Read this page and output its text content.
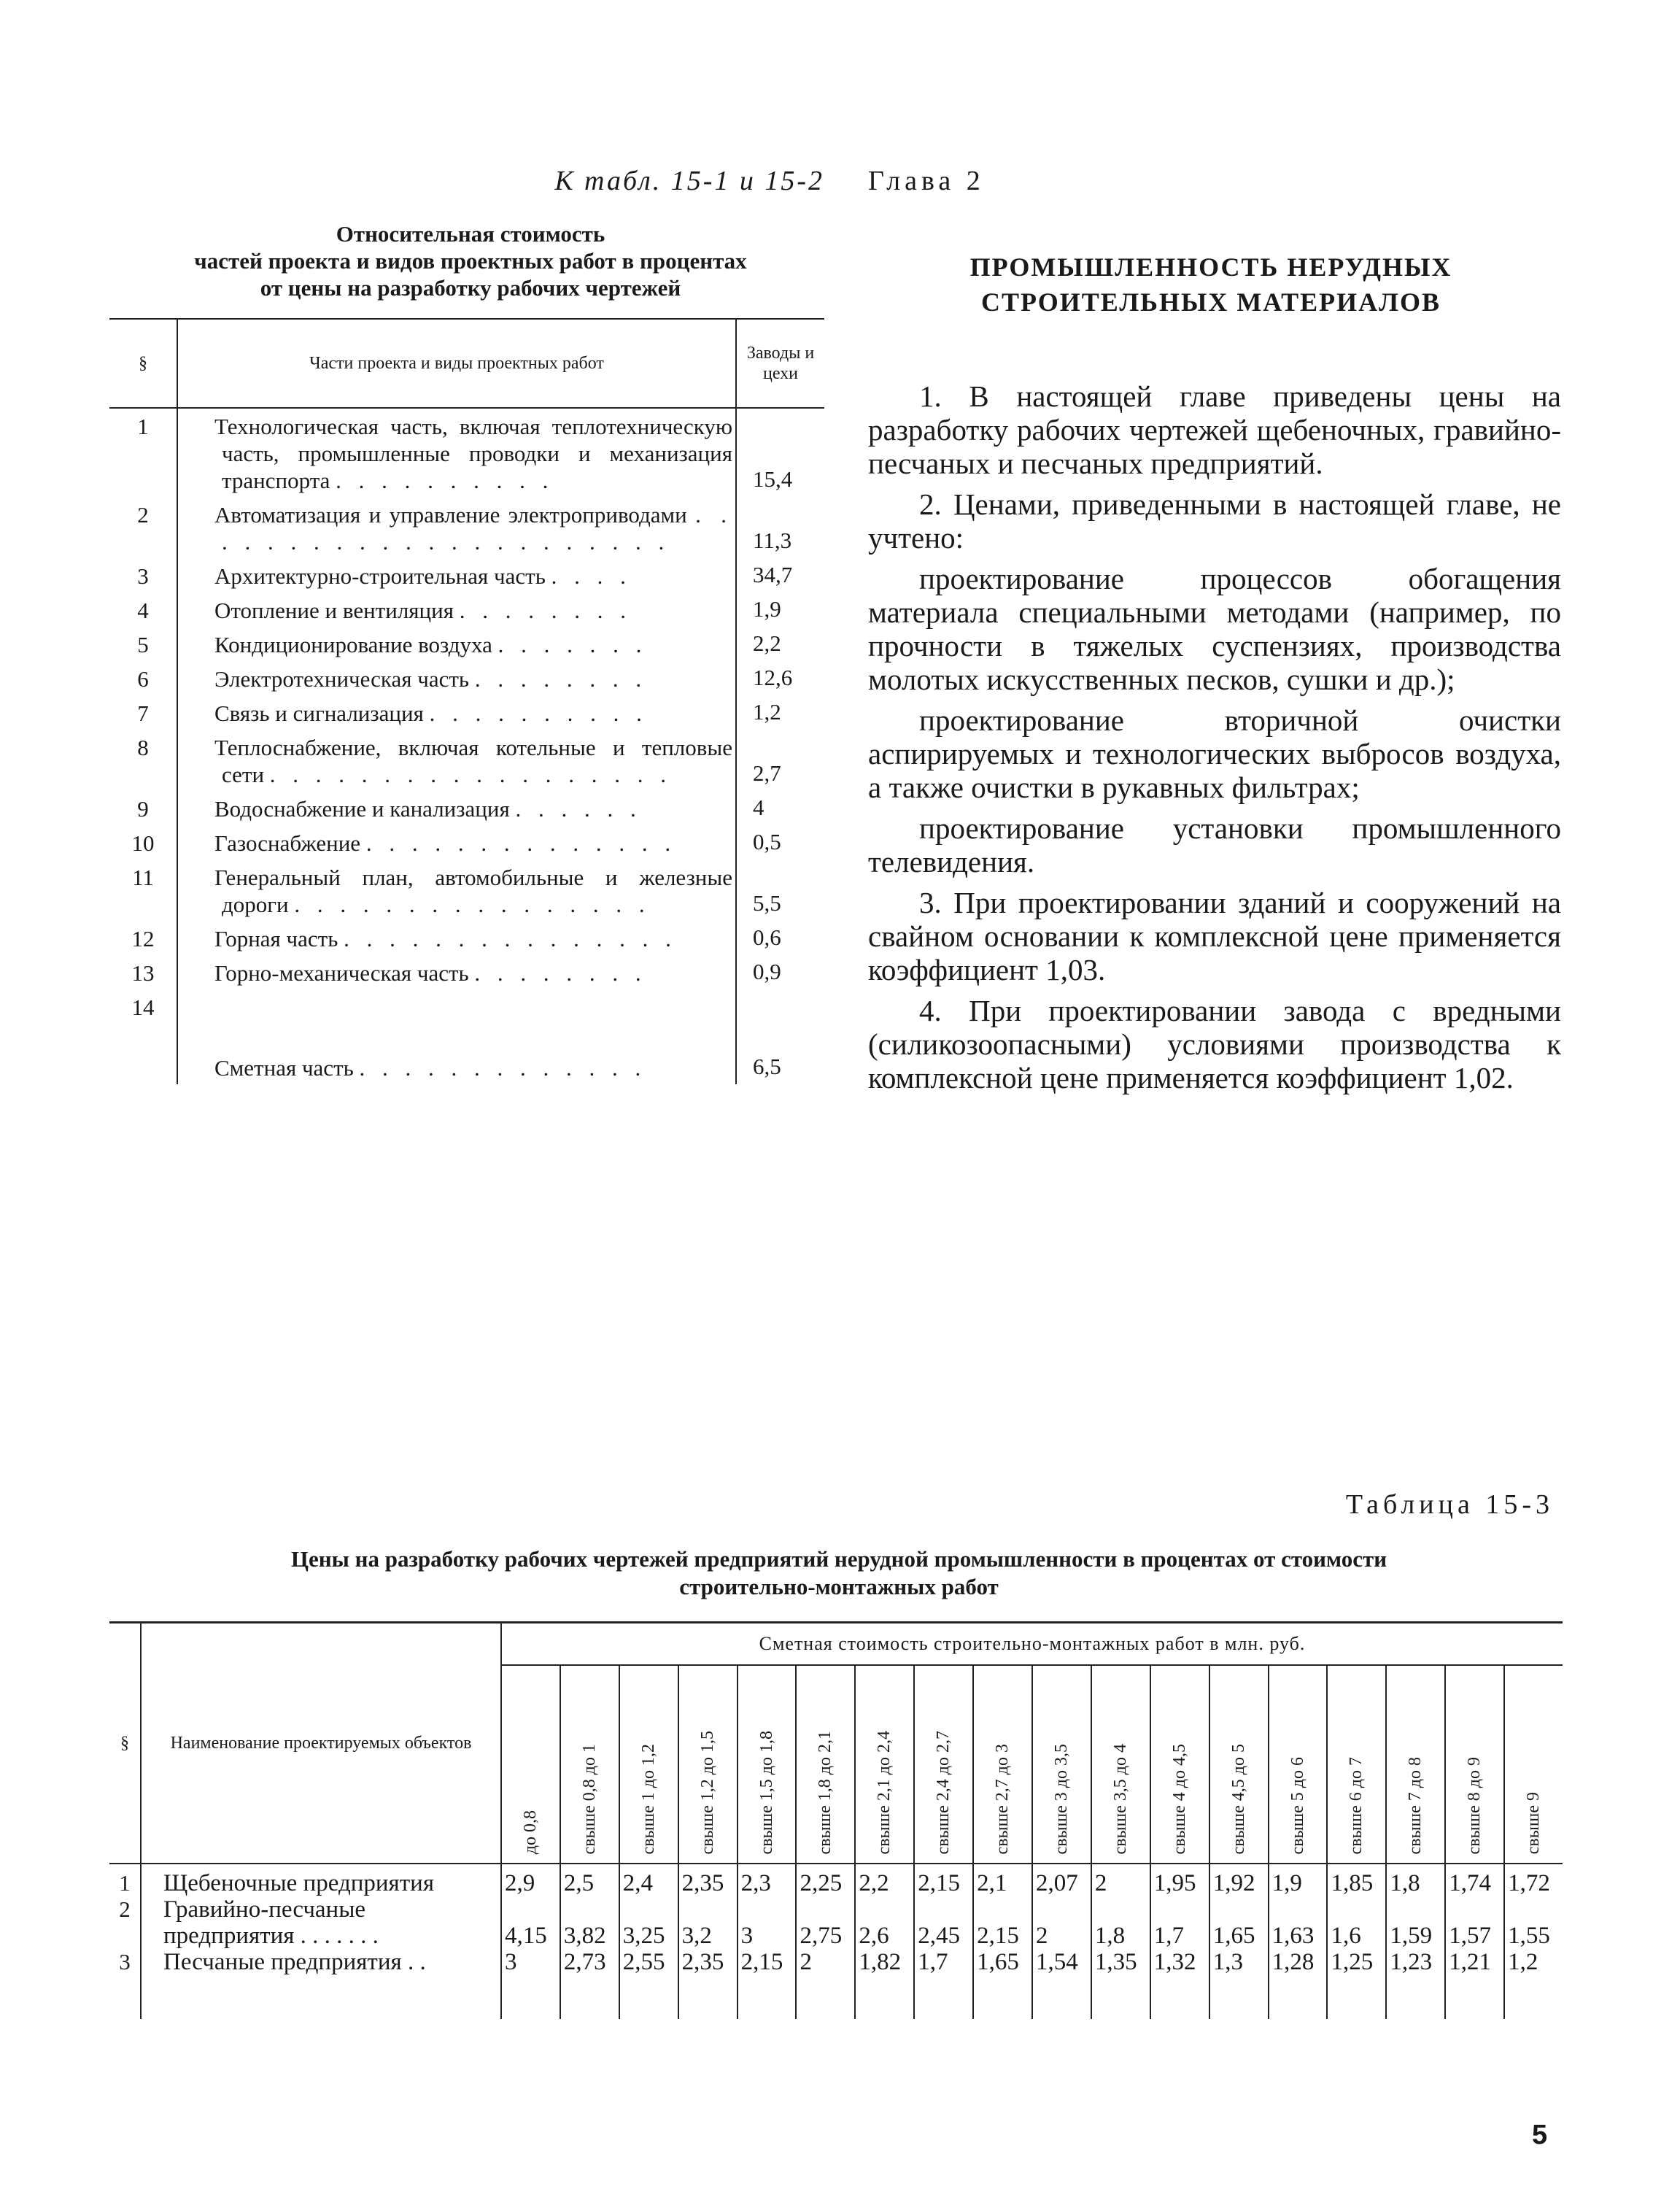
К табл. 15-1 и 15-2
Относительная стоимость
частей проекта и видов проектных работ в процентах
от цены на разработку рабочих чертежей
§	Части проекта и виды проектных работ	Заводы и цехи
1	Технологическая часть, включая теплотехническую часть, промышленные проводки и механизация транспорта . . . . . . . . . .	15,4
2	Автоматизация и управление электроприводами . . . . . . . . . . . . . . . . . . . . . .	11,3
3	Архитектурно-строительная часть . . . .	34,7
4	Отопление и вентиляция . . . . . . . .	1,9
5	Кондиционирование воздуха . . . . . . .	2,2
6	Электротехническая часть . . . . . . . .	12,6
7	Связь и сигнализация . . . . . . . . . .	1,2
8	Теплоснабжение, включая котельные и тепловые сети . . . . . . . . . . . . . . . . . .	2,7
9	Водоснабжение и канализация . . . . . .	4
10	Газоснабжение . . . . . . . . . . . . . .	0,5
11	Генеральный план, автомобильные и железные дороги . . . . . . . . . . . . . . . .	5,5
12	Горная часть . . . . . . . . . . . . . . .	0,6
13	Горно-механическая часть . . . . . . . .	0,9
14	Сметная часть . . . . . . . . . . . . .	6,5
Глава 2
ПРОМЫШЛЕННОСТЬ НЕРУДНЫХ
СТРОИТЕЛЬНЫХ МАТЕРИАЛОВ

1. В настоящей главе приведены цены на разработку рабочих чертежей щебеночных, гравийно-песчаных и песчаных предприятий.

2. Ценами, приведенными в настоящей главе, не учтено:

проектирование процессов обогащения материала специальными методами (например, по прочности в тяжелых суспензиях, производства молотых искусственных песков, сушки и др.);

проектирование вторичной очистки аспирируемых и технологических выбросов воздуха, а также очистки в рукавных фильтрах;

проектирование установки промышленного телевидения.

3. При проектировании зданий и сооружений на свайном основании к комплексной цене применяется коэффициент 1,03.

4. При проектировании завода с вредными (силикозоопасными) условиями производства к комплексной цене применяется коэффициент 1,02.

Таблица 15-3
Цены на разработку рабочих чертежей предприятий нерудной промышленности в процентах от стоимости
строительно-монтажных работ
§	Наименование проектируемых объектов	Сметная стоимость строительно-монтажных работ в млн. руб.																	

		до 0,8	свыше 0,8 до 1	свыше 1 до 1,2	свыше 1,2 до 1,5	свыше 1,5 до 1,8	свыше 1,8 до 2,1	свыше 2,1 до 2,4	свыше 2,4 до 2,7	свыше 2,7 до 3	свыше 3 до 3,5	свыше 3,5 до 4	свыше 4 до 4,5	свыше 4,5 до 5	свыше 5 до 6	свыше 6 до 7	свыше 7 до 8	свыше 8 до 9	свыше 9

1	Щебеночные предприятия	2,9	2,5	2,4	2,35	2,3	2,25	2,2	2,15	2,1	2,07	2	1,95	1,92	1,9	1,85	1,8	1,74	1,72
2	Гравийно-песчаные предприятия . . . . . . .	4,15	3,82	3,25	3,2	3	2,75	2,6	2,45	2,15	2	1,8	1,7	1,65	1,63	1,6	1,59	1,57	1,55
3	Песчаные предприятия . .	3	2,73	2,55	2,35	2,15	2	1,82	1,7	1,65	1,54	1,35	1,32	1,3	1,28	1,25	1,23	1,21	1,2

5
